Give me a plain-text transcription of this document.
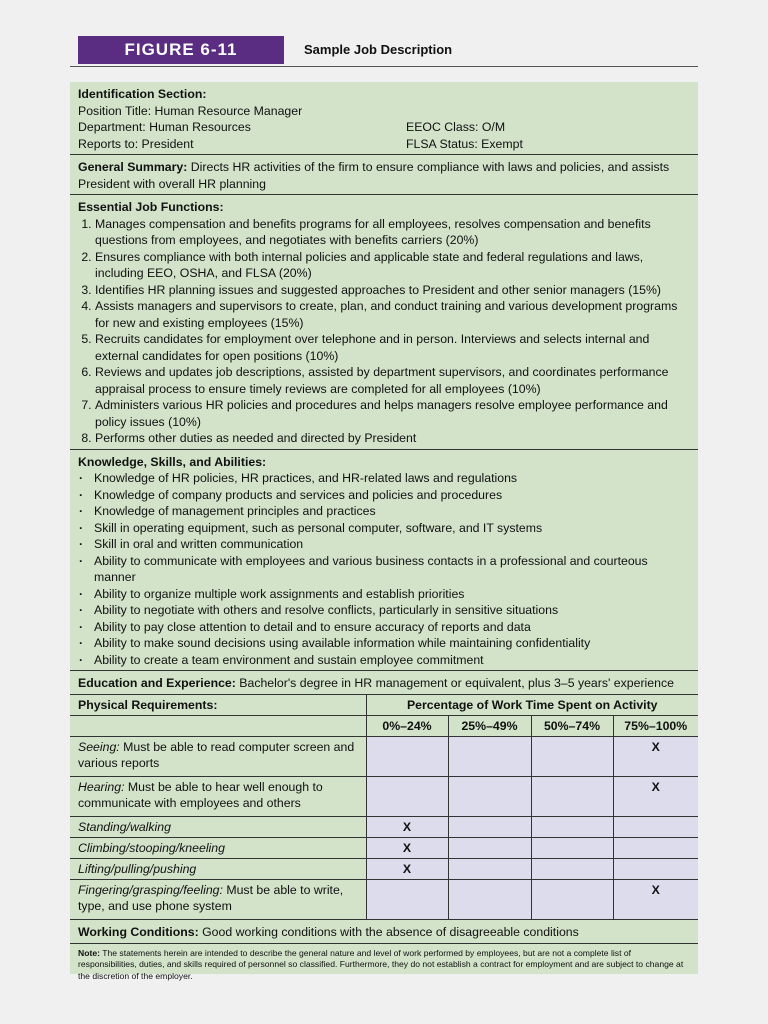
FIGURE 6-11	Sample Job Description
Identification Section:
Position Title: Human Resource Manager
Department: Human Resources	EEOC Class: O/M
Reports to: President	FLSA Status: Exempt
General Summary: Directs HR activities of the firm to ensure compliance with laws and policies, and assists President with overall HR planning
Essential Job Functions:
1. Manages compensation and benefits programs for all employees, resolves compensation and benefits questions from employees, and negotiates with benefits carriers (20%)
2. Ensures compliance with both internal policies and applicable state and federal regulations and laws, including EEO, OSHA, and FLSA (20%)
3. Identifies HR planning issues and suggested approaches to President and other senior managers (15%)
4. Assists managers and supervisors to create, plan, and conduct training and various development programs for new and existing employees (15%)
5. Recruits candidates for employment over telephone and in person. Interviews and selects internal and external candidates for open positions (10%)
6. Reviews and updates job descriptions, assisted by department supervisors, and coordinates performance appraisal process to ensure timely reviews are completed for all employees (10%)
7. Administers various HR policies and procedures and helps managers resolve employee performance and policy issues (10%)
8. Performs other duties as needed and directed by President
Knowledge, Skills, and Abilities:
· Knowledge of HR policies, HR practices, and HR-related laws and regulations
· Knowledge of company products and services and policies and procedures
· Knowledge of management principles and practices
· Skill in operating equipment, such as personal computer, software, and IT systems
· Skill in oral and written communication
· Ability to communicate with employees and various business contacts in a professional and courteous manner
· Ability to organize multiple work assignments and establish priorities
· Ability to negotiate with others and resolve conflicts, particularly in sensitive situations
· Ability to pay close attention to detail and to ensure accuracy of reports and data
· Ability to make sound decisions using available information while maintaining confidentiality
· Ability to create a team environment and sustain employee commitment
Education and Experience: Bachelor's degree in HR management or equivalent, plus 3–5 years' experience
Physical Requirements:	Percentage of Work Time Spent on Activity			
	0%–24%	25%–49%	50%–74%	75%–100%
Seeing: Must be able to read computer screen and various reports				X
Hearing: Must be able to hear well enough to communicate with employees and others				X
Standing/walking	X			
Climbing/stooping/kneeling	X			
Lifting/pulling/pushing	X			
Fingering/grasping/feeling: Must be able to write, type, and use phone system				X
Working Conditions: Good working conditions with the absence of disagreeable conditions
Note: The statements herein are intended to describe the general nature and level of work performed by employees, but are not a complete list of responsibilities, duties, and skills required of personnel so classified. Furthermore, they do not establish a contract for employment and are subject to change at the discretion of the employer.
